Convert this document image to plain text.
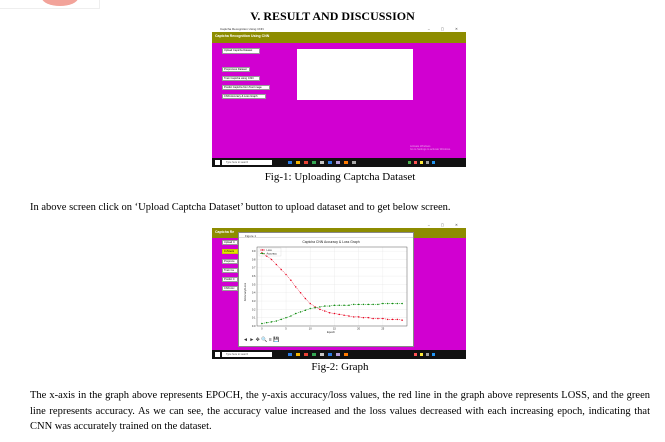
V. RESULT AND DISCUSSION
Captcha Recognition Using CNN	– ▢ ✕
Captcha Recognition Using CNN
Upload Captcha Dataset
Preprocess Dataset
Train Captcha using CNN
Predict Captcha from Test Image
CNN Accuracy & Loss Graph
Activate Windows
Go to Settings to activate Windows.
Type here to search
Fig-1: Uploading Captcha Dataset
In above screen click on ‘Upload Captcha Dataset’ button to upload dataset and to get below screen.
– ▢ ✕
Captcha Re
Upload C
C:/Users
Preproce
Train Ca
Predict C
CNN Acc
Figure 1
Captcha CNN Accuracy & Loss Graph
Accuracy/Loss
Epoch
0.0
0.1
0.2
0.3
0.4
0.5
0.6
0.7
0.8
0.9
0	5	10	15	20	25
Loss
Accuracy
◄ ► ✥ 🔍 ≡ 💾
Type here to search
Fig-2: Graph
The x-axis in the graph above represents EPOCH, the y-axis accuracy/loss values, the red line in the graph above represents LOSS, and the green line represents accuracy. As we can see, the accuracy value increased and the loss values decreased with each increasing epoch, indicating that CNN was accurately trained on the dataset.
